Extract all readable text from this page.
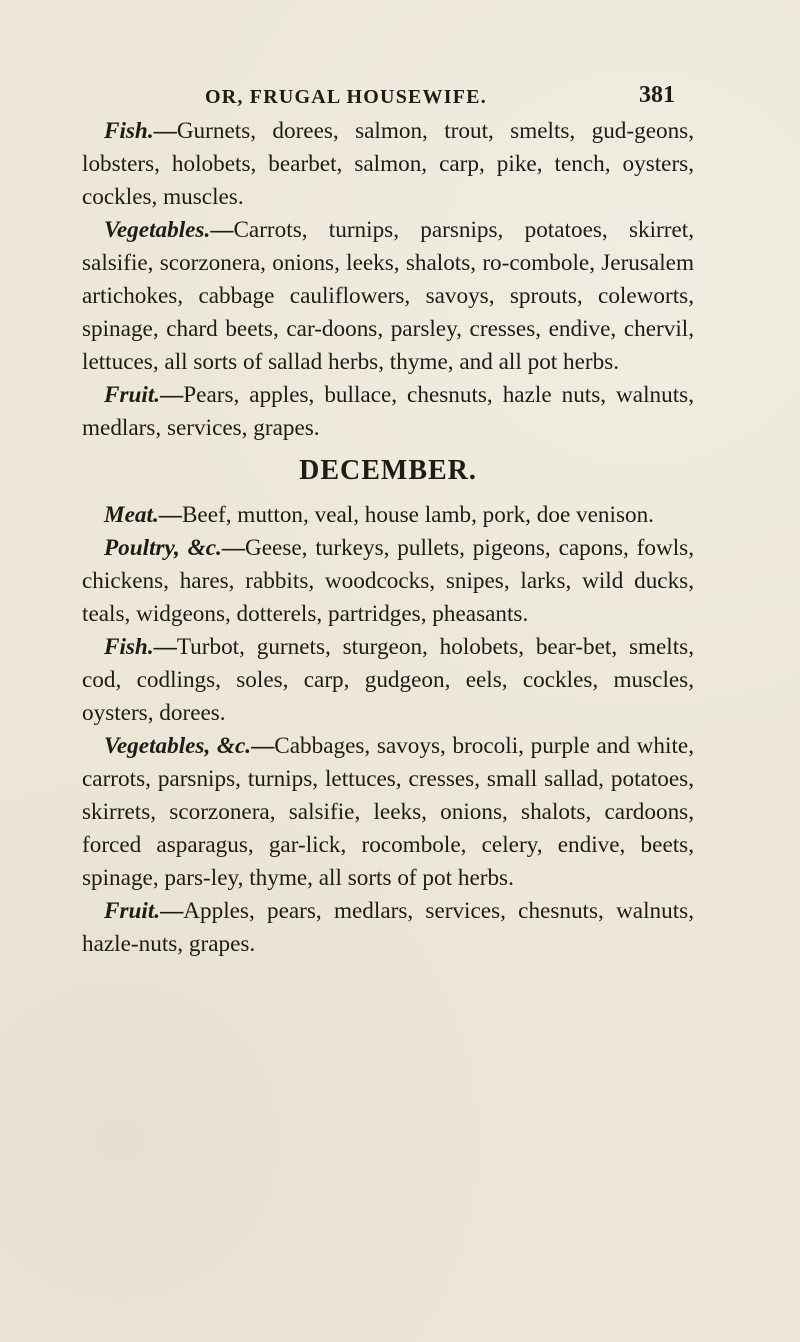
OR, FRUGAL HOUSEWIFE.	381

Fish.—Gurnets, dorees, salmon, trout, smelts, gud-geons, lobsters, holobets, bearbet, salmon, carp, pike, tench, oysters, cockles, muscles.

Vegetables.—Carrots, turnips, parsnips, potatoes, skirret, salsifie, scorzonera, onions, leeks, shalots, ro-combole, Jerusalem artichokes, cabbage cauliflowers, savoys, sprouts, coleworts, spinage, chard beets, car-doons, parsley, cresses, endive, chervil, lettuces, all sorts of sallad herbs, thyme, and all pot herbs.

Fruit.—Pears, apples, bullace, chesnuts, hazle nuts, walnuts, medlars, services, grapes.

DECEMBER.

Meat.—Beef, mutton, veal, house lamb, pork, doe venison.

Poultry, &c.—Geese, turkeys, pullets, pigeons, capons, fowls, chickens, hares, rabbits, woodcocks, snipes, larks, wild ducks, teals, widgeons, dotterels, partridges, pheasants.

Fish.—Turbot, gurnets, sturgeon, holobets, bear-bet, smelts, cod, codlings, soles, carp, gudgeon, eels, cockles, muscles, oysters, dorees.

Vegetables, &c.—Cabbages, savoys, brocoli, purple and white, carrots, parsnips, turnips, lettuces, cresses, small sallad, potatoes, skirrets, scorzonera, salsifie, leeks, onions, shalots, cardoons, forced asparagus, gar-lick, rocombole, celery, endive, beets, spinage, pars-ley, thyme, all sorts of pot herbs.

Fruit.—Apples, pears, medlars, services, chesnuts, walnuts, hazle-nuts, grapes.
